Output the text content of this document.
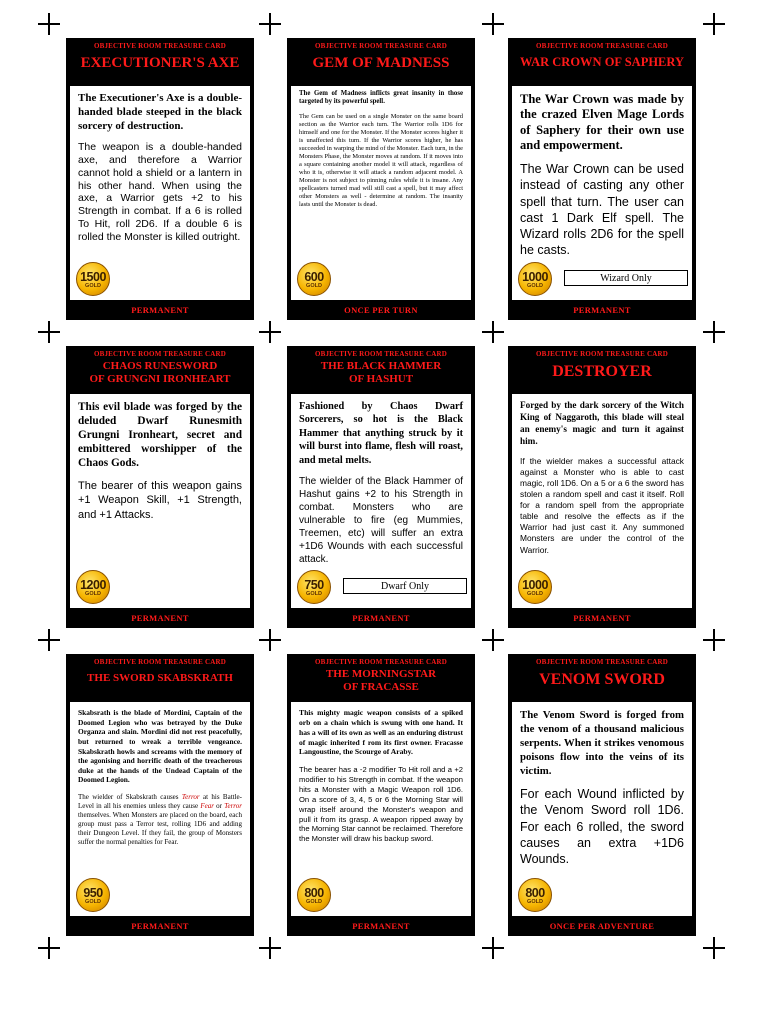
OBJECTIVE ROOM TREASURE CARD
EXECUTIONER'S AXE

The Executioner's Axe is a double-handed blade steeped in the black sorcery of destruction.

The weapon is a double-handed axe, and therefore a Warrior cannot hold a shield or a lantern in his other hand. When using the axe, a Warrior gets +2 to his Strength in combat. If a 6 is rolled To Hit, roll 2D6. If a double 6 is rolled the Monster is killed outright.

1500
GOLD
PERMANENT
OBJECTIVE ROOM TREASURE CARD
GEM OF MADNESS

The Gem of Madness inflicts great insanity in those targeted by its powerful spell.

The Gem can be used on a single Monster on the same board section as the Warrior each turn. The Warrior rolls 1D6 for himself and one for the Monster. If the Monster scores higher it is unaffected this turn. If the Warrior scores higher, he has succeeded in warping the mind of the Monster. Each turn, in the Monsters Phase, the Monster moves at random. If it moves into a square containing another model it will attack, regardless of who it is, otherwise it will attack a random adjacent model. A Monster is not subject to pinning rules while it is insane. Any spellcasters turned mad will still cast a spell, but it may affect other Monsters as well - determine at random. The insanity lasts until the Monster is dead.

600
GOLD
ONCE PER TURN
OBJECTIVE ROOM TREASURE CARD
WAR CROWN OF SAPHERY

The War Crown was made by the crazed Elven Mage Lords of Saphery for their own use and empowerment.

The War Crown can be used instead of casting any other spell that turn. The user can cast 1 Dark Elf spell. The Wizard rolls 2D6 for the spell he casts.

1000
GOLD
Wizard Only
PERMANENT
OBJECTIVE ROOM TREASURE CARD
CHAOS RUNESWORD
OF GRUNGNI IRONHEART

This evil blade was forged by the deluded Dwarf Runesmith Grungni Ironheart, secret and embittered worshipper of the Chaos Gods.

The bearer of this weapon gains +1 Weapon Skill, +1 Strength, and +1 Attacks.

1200
GOLD
PERMANENT
OBJECTIVE ROOM TREASURE CARD
THE BLACK HAMMER
OF HASHUT

Fashioned by Chaos Dwarf Sorcerers, so hot is the Black Hammer that anything struck by it will burst into flame, flesh will roast, and metal melts.

The wielder of the Black Hammer of Hashut gains +2 to his Strength in combat. Monsters who are vulnerable to fire (eg Mummies, Treemen, etc) will suffer an extra +1D6 Wounds with each successful attack.

750
GOLD
Dwarf Only
PERMANENT
OBJECTIVE ROOM TREASURE CARD
DESTROYER

Forged by the dark sorcery of the Witch King of Naggaroth, this blade will steal an enemy's magic and turn it against him.

If the wielder makes a successful attack against a Monster who is able to cast magic, roll 1D6. On a 5 or a 6 the sword has stolen a random spell and cast it itself. Roll for a random spell from the appropriate table and resolve the effects as if the Warrior had just cast it. Any summoned Monsters are under the control of the Warrior.

1000
GOLD
PERMANENT
OBJECTIVE ROOM TREASURE CARD
THE SWORD SKABSKRATH

Skabsrath is the blade of Mordini, Captain of the Doomed Legion who was betrayed by the Duke Organza and slain. Mordini did not rest peacefully, but returned to wreak a terrible vengeance. Skabskrath howls and screams with the memory of the agonising and horrific death of the treacherous duke at the hands of the Undead Captain of the Doomed Legion.

The wielder of Skabskrath causes Terror at his Battle-Level in all his enemies unless they cause Fear or Terror themselves. When Monsters are placed on the board, each group must pass a Terror test, rolling 1D6 and adding their Dungeon Level. If they fail, the group of Monsters suffer the normal penalties for Fear.

950
GOLD
PERMANENT
OBJECTIVE ROOM TREASURE CARD
THE MORNINGSTAR
OF FRACASSE

This mighty magic weapon consists of a spiked orb on a chain which is swung with one hand. It has a will of its own as well as an enduring distrust of magic inherited f rom its first owner. Fracasse Langoustine, the Scourge of Araby.

The bearer has a -2 modifier To Hit roll and a +2 modifier to his Strength in combat. If the weapon hits a Monster with a Magic Weapon roll 1D6. On a score of 3, 4, 5 or 6 the Morning Star will wrap itself around the Monster's weapon and pull it from its grasp. A weapon ripped away by the Morning Star cannot be reclaimed. Therefore the Monster will draw his backup sword.

800
GOLD
PERMANENT
OBJECTIVE ROOM TREASURE CARD
VENOM SWORD

The Venom Sword is forged from the venom of a thousand malicious serpents. When it strikes venomous poisons flow into the veins of its victim.

For each Wound inflicted by the Venom Sword roll 1D6. For each 6 rolled, the sword causes an extra +1D6 Wounds.

800
GOLD
ONCE PER ADVENTURE
